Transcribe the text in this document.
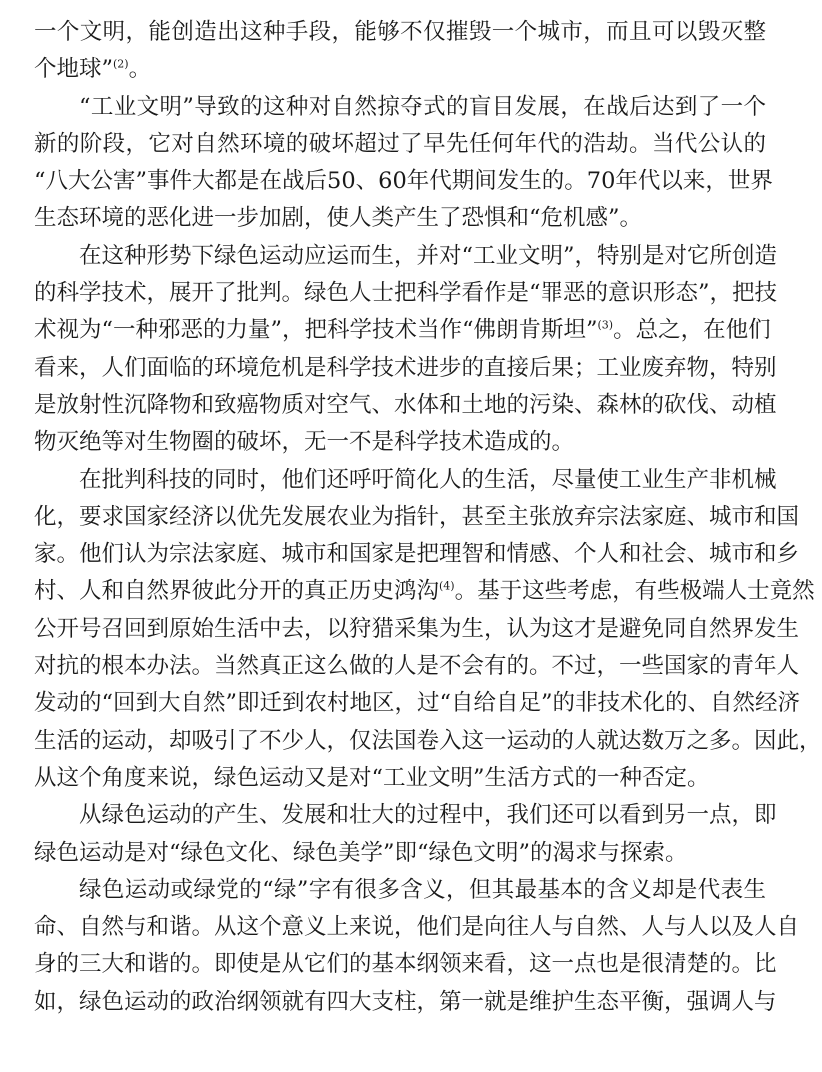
一个文明，能创造出这种手段，能够不仅摧毁一个城市，而且可以毁灭整
个地球”$^{(2)}$。
“工业文明”导致的这种对自然掠夺式的盲目发展，在战后达到了一个
新的阶段，它对自然环境的破坏超过了早先任何年代的浩劫。当代公认的
“八大公害”事件大都是在战后50、60年代期间发生的。70年代以来，世界
生态环境的恶化进一步加剧，使人类产生了恐惧和“危机感”。
在这种形势下绿色运动应运而生，并对“工业文明”，特别是对它所创造
的科学技术，展开了批判。绿色人士把科学看作是“罪恶的意识形态”，把技
术视为“一种邪恶的力量”，把科学技术当作“佛朗肯斯坦”$^{(3)}$。总之，在他们
看来，人们面临的环境危机是科学技术进步的直接后果；工业废弃物，特别
是放射性沉降物和致癌物质对空气、水体和土地的污染、森林的砍伐、动植
物灭绝等对生物圈的破坏，无一不是科学技术造成的。
在批判科技的同时，他们还呼吁简化人的生活，尽量使工业生产非机械
化，要求国家经济以优先发展农业为指针，甚至主张放弃宗法家庭、城市和国
家。他们认为宗法家庭、城市和国家是把理智和情感、个人和社会、城市和乡
村、人和自然界彼此分开的真正历史鸿沟$^{(4)}$。基于这些考虑，有些极端人士竟然
公开号召回到原始生活中去，以狩猎采集为生，认为这才是避免同自然界发生
对抗的根本办法。当然真正这么做的人是不会有的。不过，一些国家的青年人
发动的“回到大自然”即迁到农村地区，过“自给自足”的非技术化的、自然经济
生活的运动，却吸引了不少人，仅法国卷入这一运动的人就达数万之多。因此，
从这个角度来说，绿色运动又是对“工业文明”生活方式的一种否定。
从绿色运动的产生、发展和壮大的过程中，我们还可以看到另一点，即
绿色运动是对“绿色文化、绿色美学”即“绿色文明”的渴求与探索。
绿色运动或绿党的“绿”字有很多含义，但其最基本的含义却是代表生
命、自然与和谐。从这个意义上来说，他们是向往人与自然、人与人以及人自
身的三大和谐的。即使是从它们的基本纲领来看，这一点也是很清楚的。比
如，绿色运动的政治纲领就有四大支柱，第一就是维护生态平衡，强调人与
